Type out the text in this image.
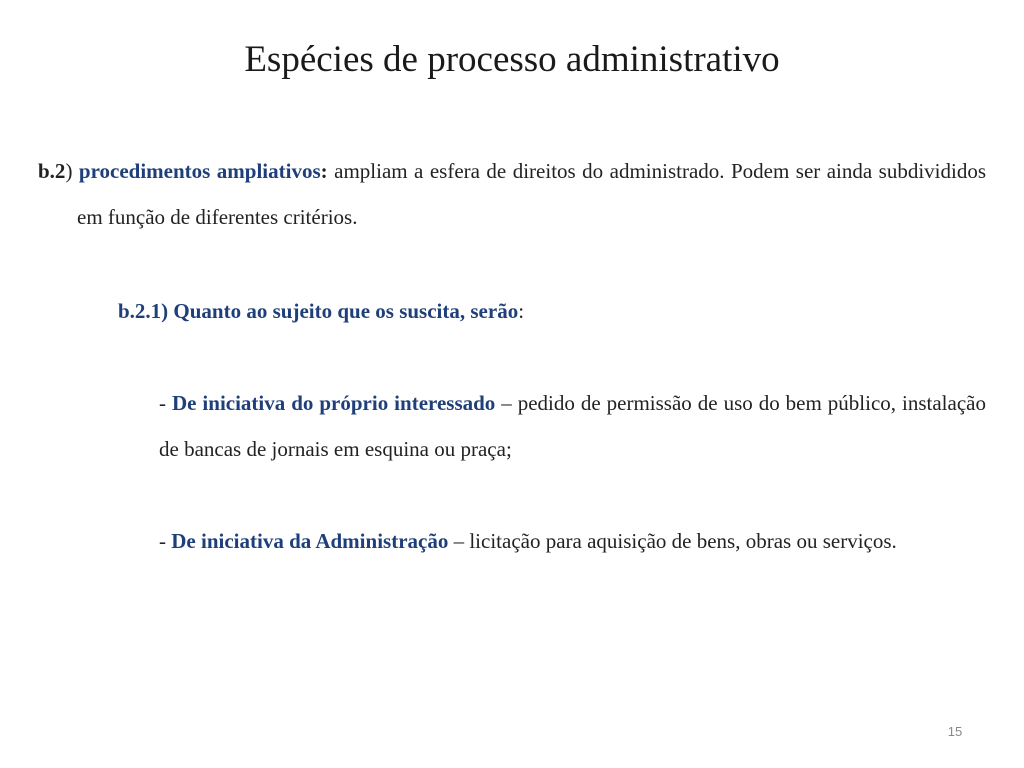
Espécies de processo administrativo
b.2) procedimentos ampliativos: ampliam a esfera de direitos do administrado. Podem ser ainda subdivididos em função de diferentes critérios.
b.2.1) Quanto ao sujeito que os suscita, serão:
- De iniciativa do próprio interessado – pedido de permissão de uso do bem público, instalação de bancas de jornais em esquina ou praça;
- De iniciativa da Administração – licitação para aquisição de bens, obras ou serviços.
15
